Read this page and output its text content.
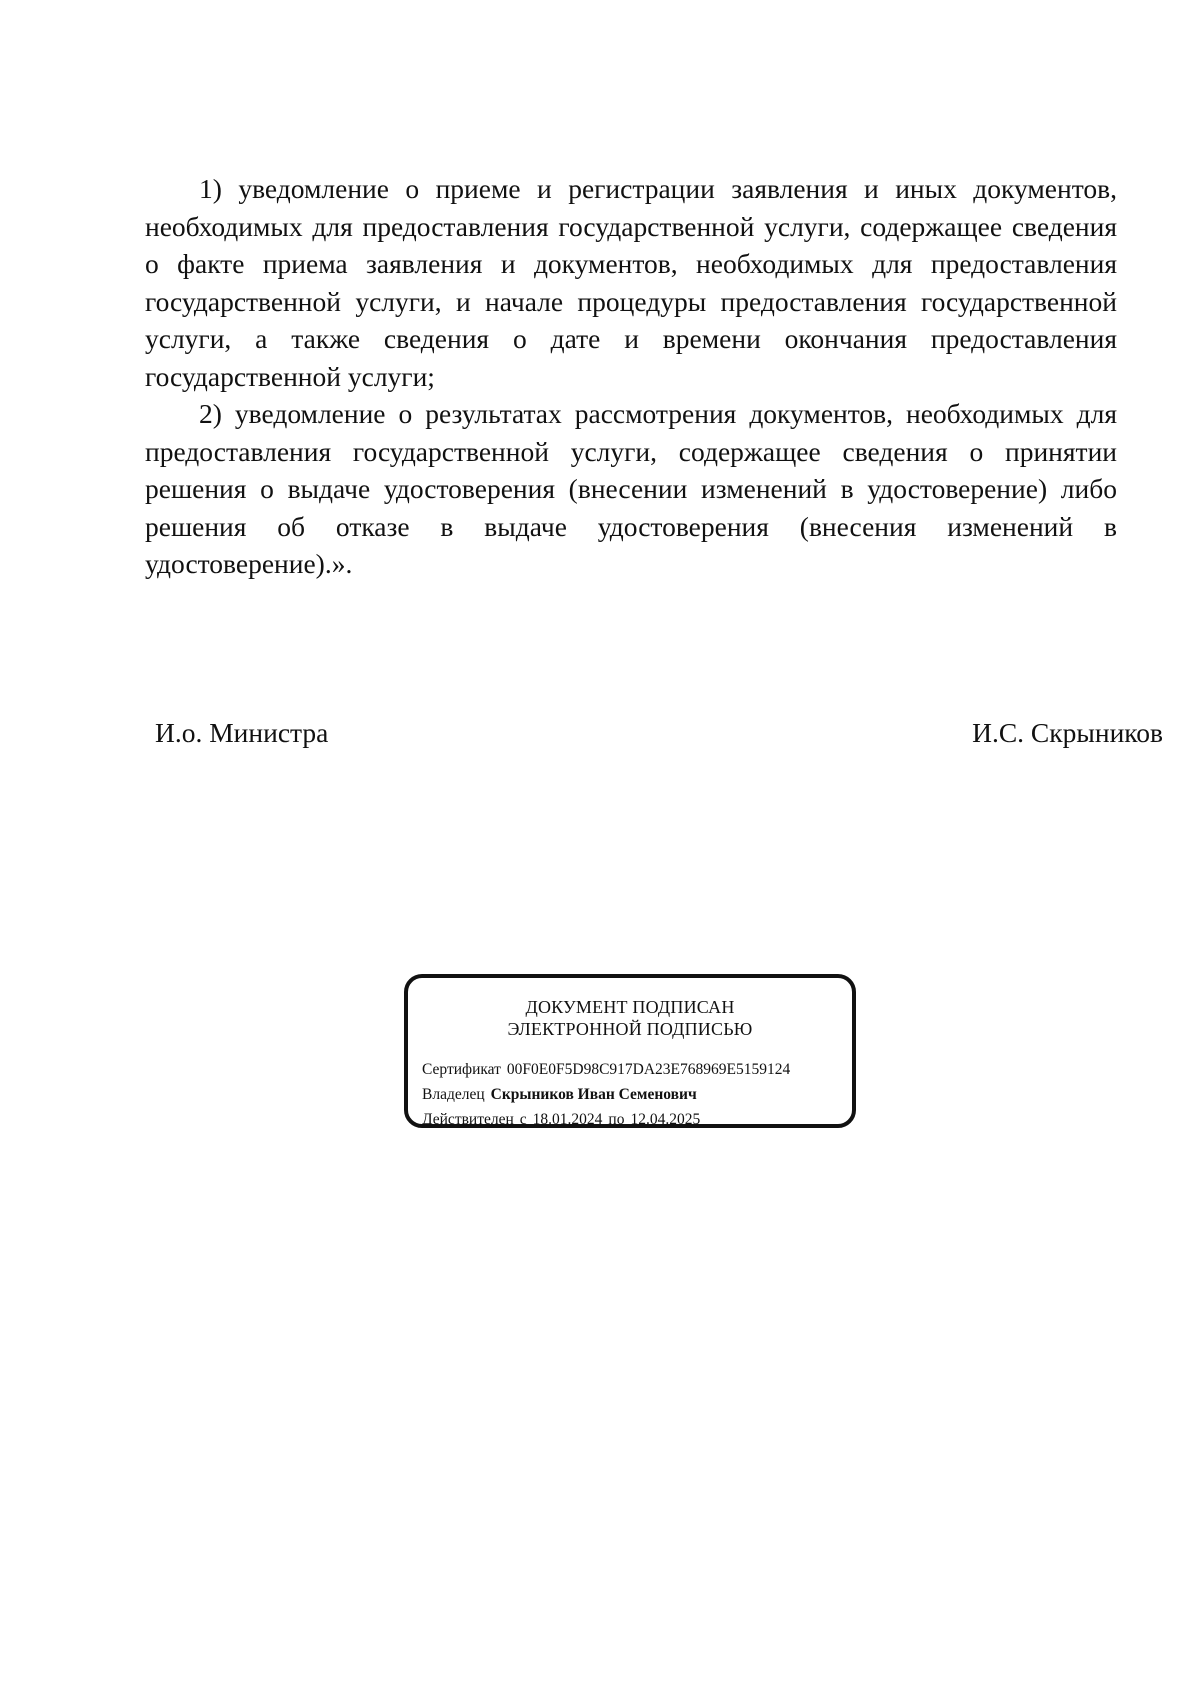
1) уведомление о приеме и регистрации заявления и иных документов, необходимых для предоставления государственной услуги, содержащее сведения о факте приема заявления и документов, необходимых для предоставления государственной услуги, и начале процедуры предоставления государственной услуги, а также сведения о дате и времени окончания предоставления государственной услуги;

2) уведомление о результатах рассмотрения документов, необходимых для предоставления государственной услуги, содержащее сведения о принятии решения о выдаче удостоверения (внесении изменений в удостоверение) либо решения об отказе в выдаче удостоверения (внесения изменений в удостоверение).».

И.о. Министра	И.С. Скрыников
ДОКУМЕНТ ПОДПИСАН
ЭЛЕКТРОННОЙ ПОДПИСЬЮ
Сертификат 00F0E0F5D98C917DA23E768969E5159124
Владелец Скрыников Иван Семенович
Действителен с 18.01.2024 по 12.04.2025
